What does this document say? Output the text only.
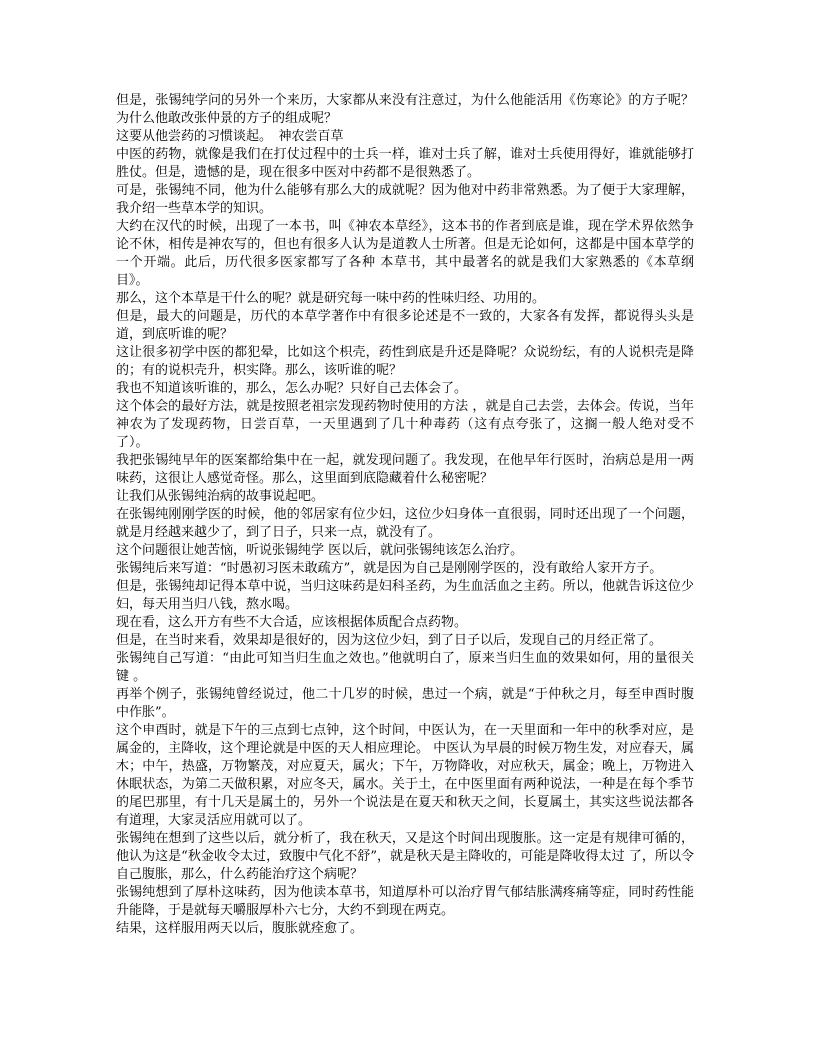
但是，张锡纯学问的另外一个来历，大家都从来没有注意过，为什么他能活用《伤寒论》的方子呢？为什么他敢改张仲景的方子的组成呢？

这要从他尝药的习惯谈起。　神农尝百草

中医的药物，就像是我们在打仗过程中的士兵一样，谁对士兵了解，谁对士兵使用得好，谁就能够打胜仗。但是，遗憾的是，现在很多中医对中药都不是很熟悉了。

可是，张锡纯不同，他为什么能够有那么大的成就呢？因为他对中药非常熟悉。为了便于大家理解，我介绍一些草本学的知识。

大约在汉代的时候，出现了一本书，叫《神农本草经》，这本书的作者到底是谁，现在学术界依然争论不休，相传是神农写的，但也有很多人认为是道教人士所著。但是无论如何，这都是中国本草学的一个开端。此后，历代很多医家都写了各种 本草书，其中最著名的就是我们大家熟悉的《本草纲目》。

那么，这个本草是干什么的呢？就是研究每一味中药的性味归经、功用的。

但是，最大的问题是，历代的本草学著作中有很多论述是不一致的，大家各有发挥，都说得头头是道，到底听谁的呢？

这让很多初学中医的都犯晕，比如这个枳壳，药性到底是升还是降呢？众说纷纭，有的人说枳壳是降的；有的说枳壳升，枳实降。那么，该听谁的呢？

我也不知道该听谁的，那么，怎么办呢？只好自己去体会了。

这个体会的最好方法，就是按照老祖宗发现药物时使用的方法 ，就是自己去尝，去体会。传说，当年神农为了发现药物，日尝百草，一天里遇到了几十种毒药（这有点夸张了，这搁一般人绝对受不了）。

我把张锡纯早年的医案都给集中在一起，就发现问题了。我发现，在他早年行医时，治病总是用一两味药，这很让人感觉奇怪。那么，这里面到底隐藏着什么秘密呢？

让我们从张锡纯治病的故事说起吧。

在张锡纯刚刚学医的时候，他的邻居家有位少妇，这位少妇身体一直很弱，同时还出现了一个问题，就是月经越来越少了，到了日子，只来一点，就没有了。

这个问题很让她苦恼，听说张锡纯学 医以后，就问张锡纯该怎么治疗。

张锡纯后来写道：“时愚初习医未敢疏方”，就是因为自己是刚刚学医的，没有敢给人家开方子。

但是，张锡纯却记得本草中说，当归这味药是妇科圣药，为生血活血之主药。所以，他就告诉这位少妇，每天用当归八钱，熬水喝。

现在看，这么开方有些不大合适，应该根据体质配合点药物。

但是，在当时来看，效果却是很好的，因为这位少妇，到了日子以后，发现自己的月经正常了。

张锡纯自己写道：“由此可知当归生血之效也。”他就明白了，原来当归生血的效果如何，用的量很关键 。

再举个例子，张锡纯曾经说过，他二十几岁的时候，患过一个病，就是“于仲秋之月，每至申酉时腹中作胀”。

这个申酉时，就是下午的三点到七点钟，这个时间，中医认为，在一天里面和一年中的秋季对应，是属金的，主降收，这个理论就是中医的天人相应理论。 中医认为早晨的时候万物生发，对应春天，属木；中午，热盛，万物繁茂，对应夏天，属火；下午，万物降收，对应秋天，属金；晚上，万物进入休眠状态，为第二天做积累，对应冬天，属水。关于土，在中医里面有两种说法，一种是在每个季节的尾巴那里，有十几天是属土的，另外一个说法是在夏天和秋天之间，长夏属土，其实这些说法都各有道理，大家灵活应用就可以了。

张锡纯在想到了这些以后，就分析了，我在秋天，又是这个时间出现腹胀。这一定是有规律可循的，他认为这是“秋金收令太过，致腹中气化不舒”，就是秋天是主降收的，可能是降收得太过 了，所以令自己腹胀，那么，什么药能治疗这个病呢？

张锡纯想到了厚朴这味药，因为他读本草书，知道厚朴可以治疗胃气郁结胀满疼痛等症，同时药性能升能降，于是就每天嚼服厚朴六七分，大约不到现在两克。

结果，这样服用两天以后，腹胀就痊愈了。
